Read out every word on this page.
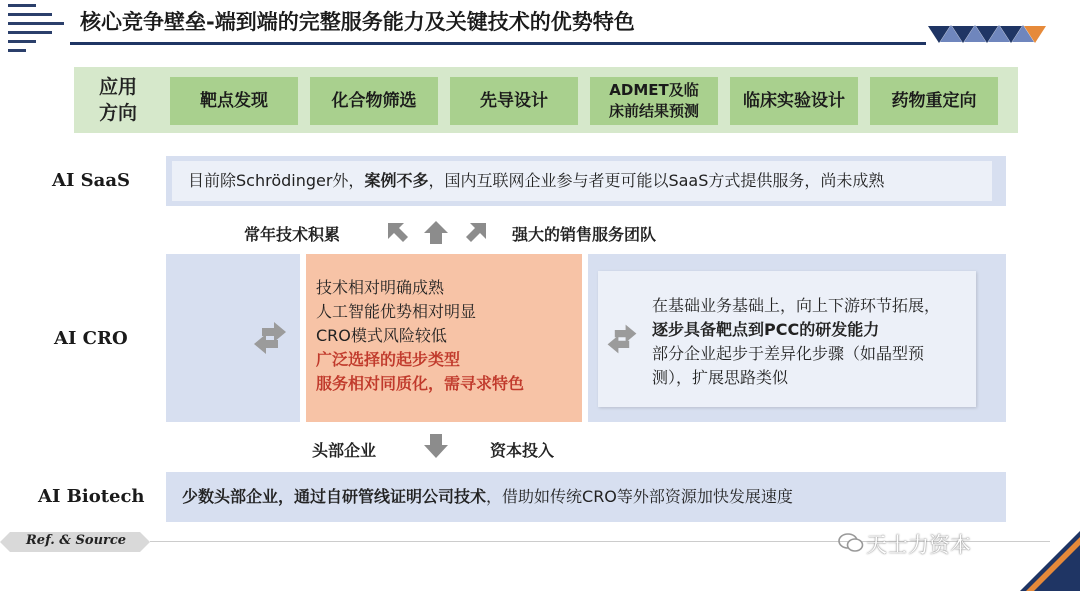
核心竞争壁垒-端到端的完整服务能力及关键技术的优势特色
应用方向
靶点发现	化合物筛选	先导设计
ADMET及临床前结果预测
临床实验设计	药物重定向
AI SaaS	目前除Schrödinger外，案例不多，国内互联网企业参与者更可能以SaaS方式提供服务，尚未成熟
常年技术积累	强大的销售服务团队
AI CRO
技术相对明确成熟
人工智能优势相对明显
CRO模式风险较低
广泛选择的起步类型
服务相对同质化，需寻求特色
在基础业务基础上，向上下游环节拓展，逐步具备靶点到PCC的研发能力
部分企业起步于差异化步骤（如晶型预测），扩展思路类似
头部企业	资本投入
AI Biotech 少数头部企业，通过自研管线证明公司技术，借助如传统CRO等外部资源加快发展速度
Ref. & Source	天士力资本
